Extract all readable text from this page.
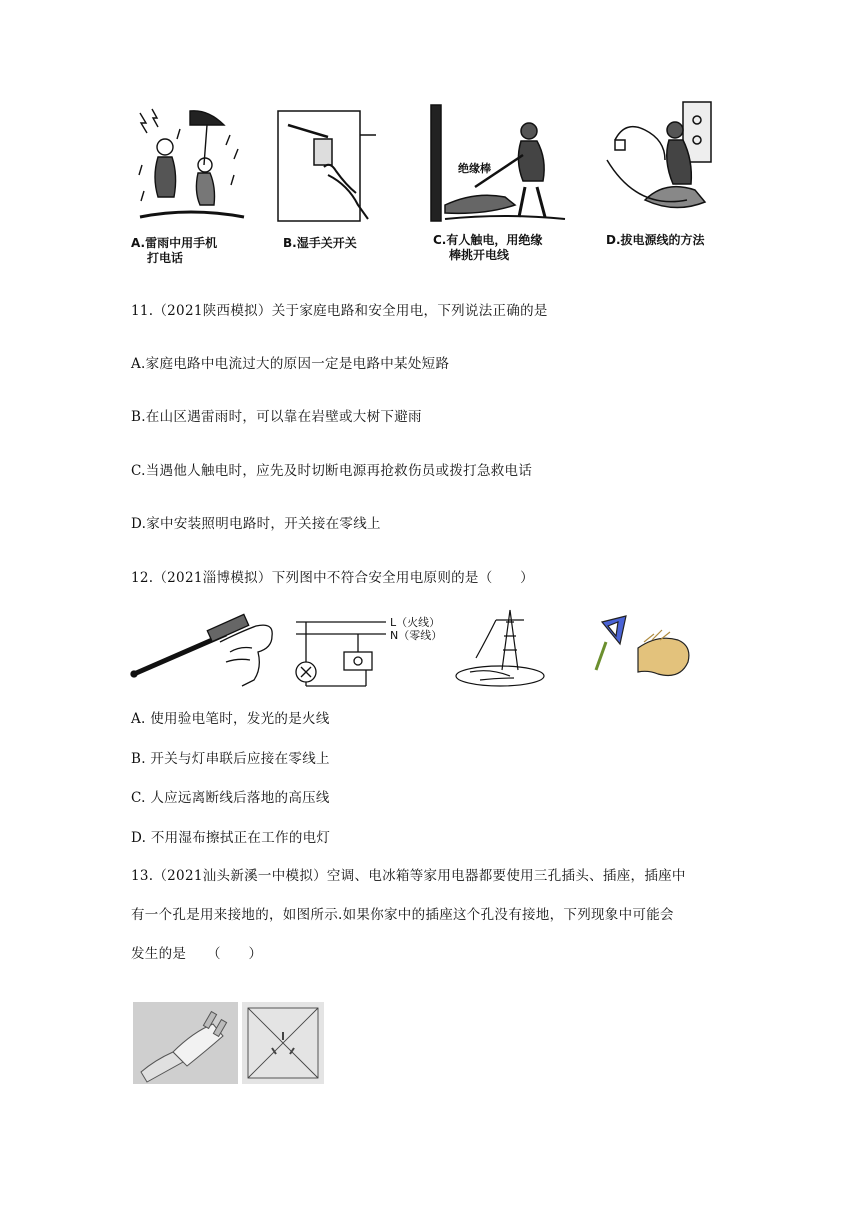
绝缘棒
A.雷雨中用手机
打电话
B.湿手关开关	C.有人触电，用绝缘
棒挑开电线
D.拔电源线的方法
11.（2021陕西模拟）关于家庭电路和安全用电，下列说法正确的是
A.家庭电路中电流过大的原因一定是电路中某处短路
B.在山区遇雷雨时，可以靠在岩壁或大树下避雨
C.当遇他人触电时，应先及时切断电源再抢救伤员或拨打急救电话
D.家中安装照明电路时，开关接在零线上
12.（2021淄博模拟）下列图中不符合安全用电原则的是（　　）
L（火线）
N（零线）
A. 使用验电笔时，发光的是火线
B. 开关与灯串联后应接在零线上
C. 人应远离断线后落地的高压线
D. 不用湿布擦拭正在工作的电灯
13.（2021汕头新溪一中模拟）空调、电冰箱等家用电器都要使用三孔插头、插座，插座中
有一个孔是用来接地的，如图所示.如果你家中的插座这个孔没有接地，下列现象中可能会
发生的是　　（　　）
